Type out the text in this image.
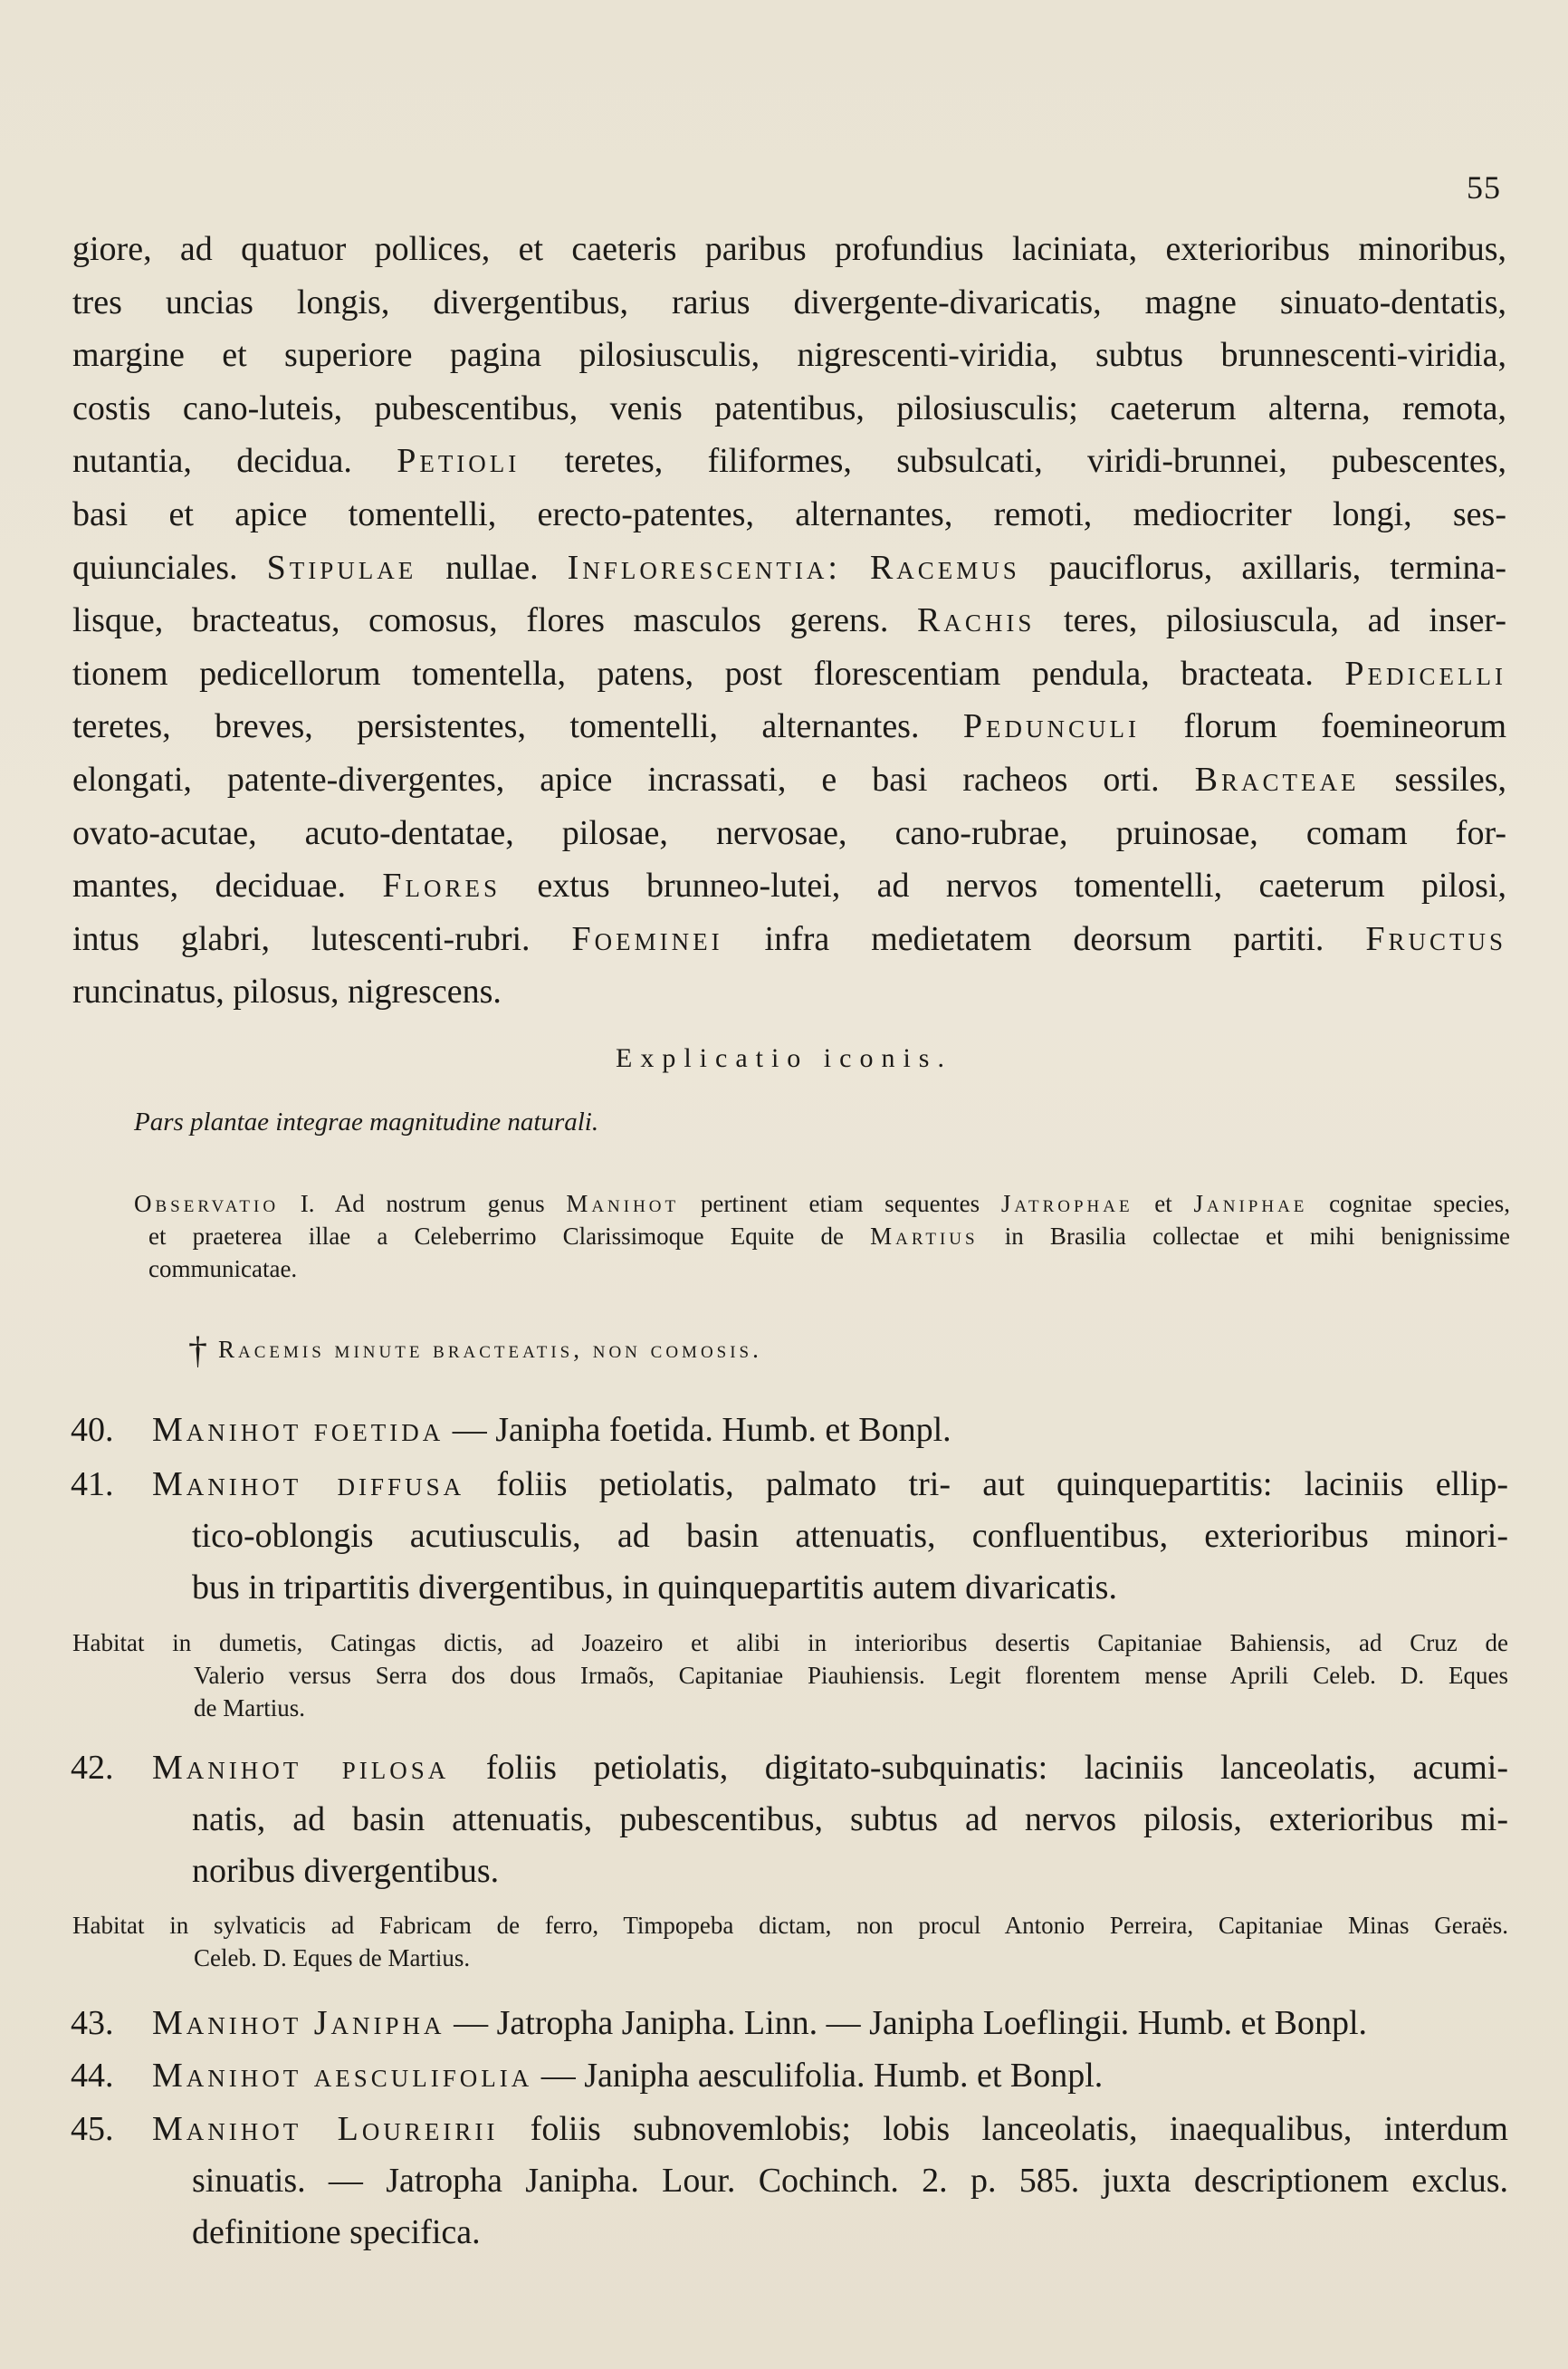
55
giore, ad quatuor pollices, et caeteris paribus profundius laciniata, exterioribus minoribus,
tres uncias longis, divergentibus, rarius divergente-divaricatis, magne sinuato-dentatis,
margine et superiore pagina pilosiusculis, nigrescenti-viridia, subtus brunnescenti-viridia,
costis cano-luteis, pubescentibus, venis patentibus, pilosiusculis; caeterum alterna, remota,
nutantia, decidua. Petioli teretes, filiformes, subsulcati, viridi-brunnei, pubescentes,
basi et apice tomentelli, erecto-patentes, alternantes, remoti, mediocriter longi, ses-
quiunciales. Stipulae nullae. Inflorescentia: Racemus pauciflorus, axillaris, termina-
lisque, bracteatus, comosus, flores masculos gerens. Rachis teres, pilosiuscula, ad inser-
tionem pedicellorum tomentella, patens, post florescentiam pendula, bracteata. Pedicelli
teretes, breves, persistentes, tomentelli, alternantes. Pedunculi florum foemineorum
elongati, patente-divergentes, apice incrassati, e basi racheos orti. Bracteae sessiles,
ovato-acutae, acuto-dentatae, pilosae, nervosae, cano-rubrae, pruinosae, comam for-
mantes, deciduae. Flores extus brunneo-lutei, ad nervos tomentelli, caeterum pilosi,
intus glabri, lutescenti-rubri. Foeminei infra medietatem deorsum partiti. Fructus
runcinatus, pilosus, nigrescens.
Explicatio iconis.
Pars plantae integrae magnitudine naturali.
Observatio I. Ad nostrum genus Manihot pertinent etiam sequentes Jatrophae et Janiphae cognitae species,
et praeterea illae a Celeberrimo Clarissimoque Equite de Martius in Brasilia collectae et mihi benignissime
communicatae.
† Racemis minute bracteatis, non comosis.
40. Manihot foetida — Janipha foetida. Humb. et Bonpl.
41. Manihot diffusa foliis petiolatis, palmato tri- aut quinquepartitis: laciniis ellip-
tico-oblongis acutiusculis, ad basin attenuatis, confluentibus, exterioribus minori-
bus in tripartitis divergentibus, in quinquepartitis autem divaricatis.
Habitat in dumetis, Catingas dictis, ad Joazeiro et alibi in interioribus desertis Capitaniae Bahiensis, ad Cruz de
Valerio versus Serra dos dous Irmaõs, Capitaniae Piauhiensis. Legit florentem mense Aprili Celeb. D. Eques
de Martius.
42. Manihot pilosa foliis petiolatis, digitato-subquinatis: laciniis lanceolatis, acumi-
natis, ad basin attenuatis, pubescentibus, subtus ad nervos pilosis, exterioribus mi-
noribus divergentibus.
Habitat in sylvaticis ad Fabricam de ferro, Timpopeba dictam, non procul Antonio Perreira, Capitaniae Minas Geraës.
Celeb. D. Eques de Martius.
43. Manihot Janipha — Jatropha Janipha. Linn. — Janipha Loeflingii. Humb. et Bonpl.
44. Manihot aesculifolia — Janipha aesculifolia. Humb. et Bonpl.
45. Manihot Loureirii foliis subnovemlobis; lobis lanceolatis, inaequalibus, interdum
sinuatis. — Jatropha Janipha. Lour. Cochinch. 2. p. 585. juxta descriptionem exclus.
definitione specifica.
